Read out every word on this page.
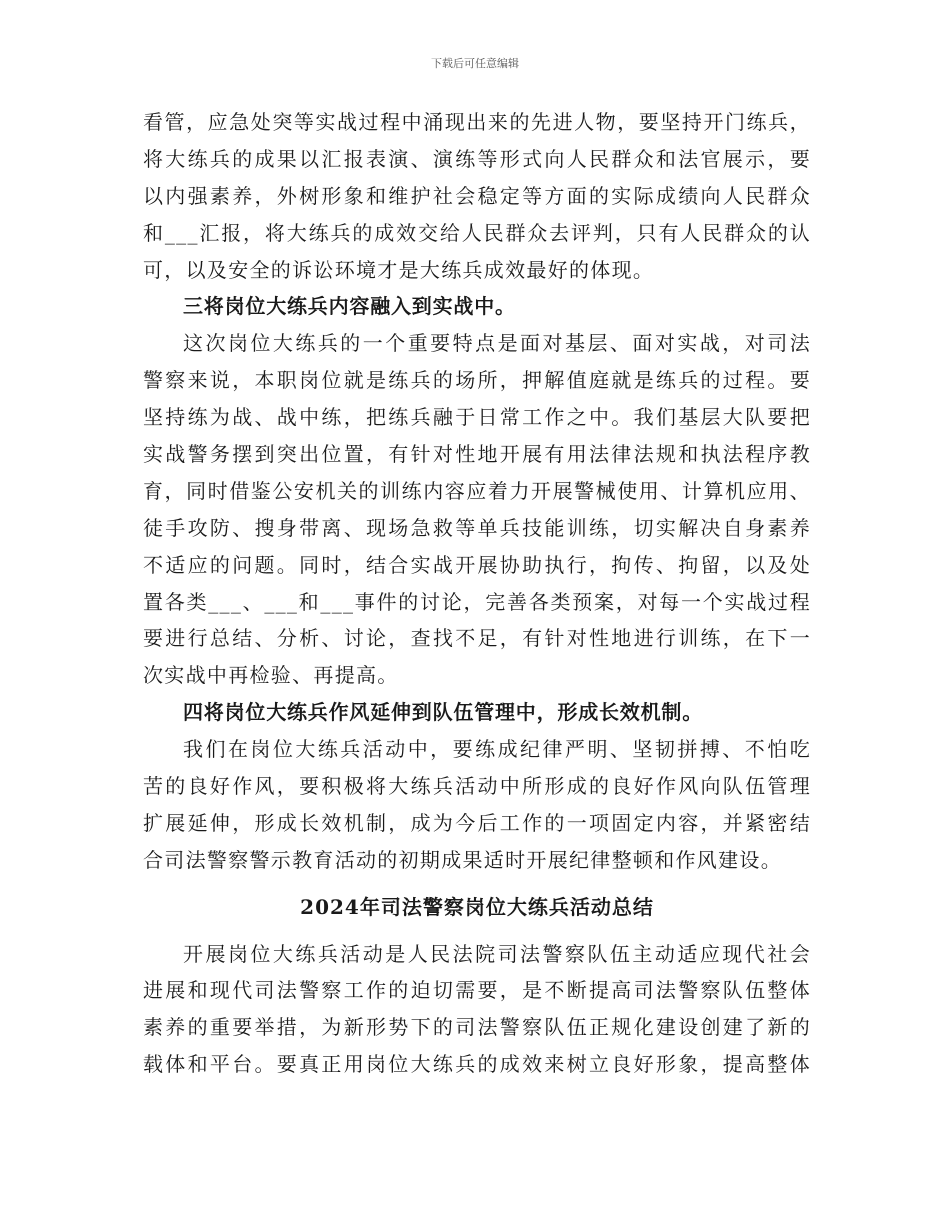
下载后可任意编辑
看管，应急处突等实战过程中涌现出来的先进人物，要坚持开门练兵，
将大练兵的成果以汇报表演、演练等形式向人民群众和法官展示，要
以内强素养，外树形象和维护社会稳定等方面的实际成绩向人民群众
和___汇报，将大练兵的成效交给人民群众去评判，只有人民群众的认
可，以及安全的诉讼环境才是大练兵成效最好的体现。
三将岗位大练兵内容融入到实战中。
这次岗位大练兵的一个重要特点是面对基层、面对实战，对司法
警察来说，本职岗位就是练兵的场所，押解值庭就是练兵的过程。要
坚持练为战、战中练，把练兵融于日常工作之中。我们基层大队要把
实战警务摆到突出位置，有针对性地开展有用法律法规和执法程序教
育，同时借鉴公安机关的训练内容应着力开展警械使用、计算机应用、
徒手攻防、搜身带离、现场急救等单兵技能训练，切实解决自身素养
不适应的问题。同时，结合实战开展协助执行，拘传、拘留，以及处
置各类___、___和___事件的讨论，完善各类预案，对每一个实战过程
要进行总结、分析、讨论，查找不足，有针对性地进行训练，在下一
次实战中再检验、再提高。
四将岗位大练兵作风延伸到队伍管理中，形成长效机制。
我们在岗位大练兵活动中，要练成纪律严明、坚韧拼搏、不怕吃
苦的良好作风，要积极将大练兵活动中所形成的良好作风向队伍管理
扩展延伸，形成长效机制，成为今后工作的一项固定内容，并紧密结
合司法警察警示教育活动的初期成果适时开展纪律整顿和作风建设。
2024年司法警察岗位大练兵活动总结
开展岗位大练兵活动是人民法院司法警察队伍主动适应现代社会
进展和现代司法警察工作的迫切需要，是不断提高司法警察队伍整体
素养的重要举措，为新形势下的司法警察队伍正规化建设创建了新的
载体和平台。要真正用岗位大练兵的成效来树立良好形象，提高整体
